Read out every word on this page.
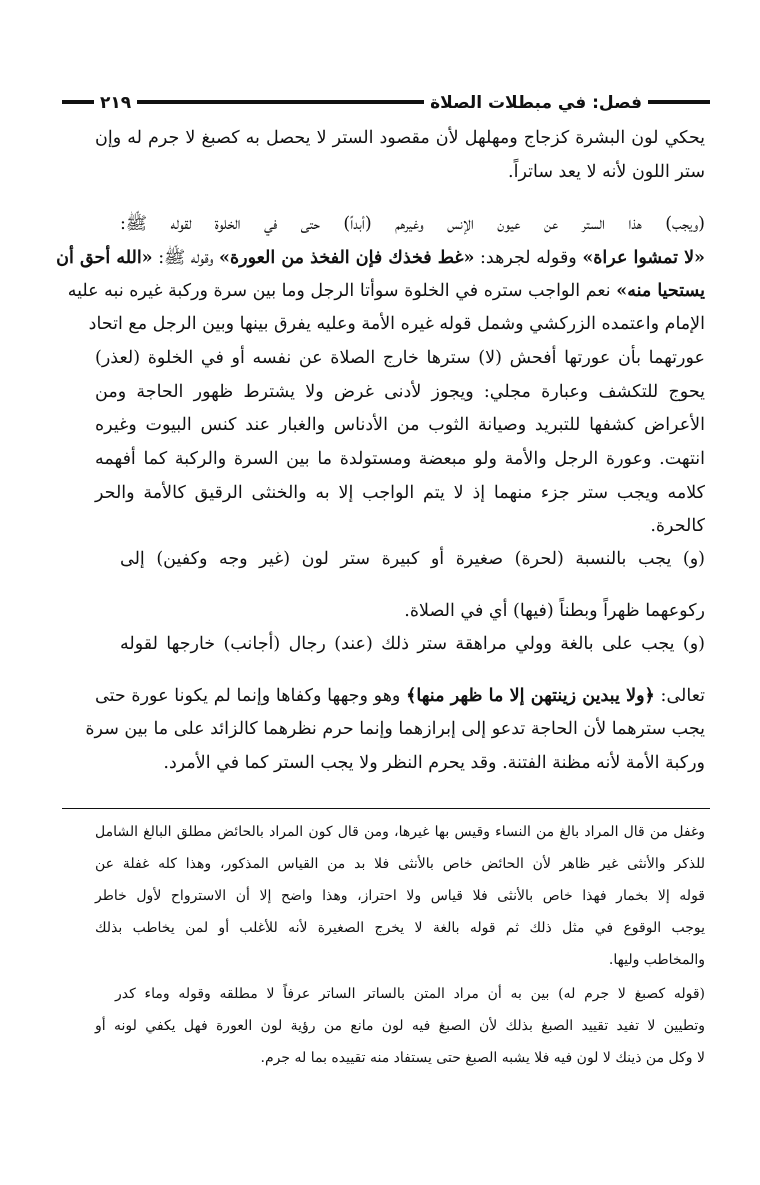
فصل: في مبطلات الصلاة
٢١٩
يحكي لون البشرة كزجاج ومهلهل لأن مقصود الستر لا يحصل به كصبغ لا جرم له وإن
ستر اللون لأنه لا يعد ساتراً.
(ويجب) هذا الستر عن عيون الإنس وغيرهم (أبداً) حتى في الخلوة لقوله ﷺ:
«لا تمشوا عراة» وقوله لجرهد: «غط فخذك فإن الفخذ من العورة» وقوله ﷺ: «الله أحق أن
يستحيا منه» نعم الواجب ستره في الخلوة سوأتا الرجل وما بين سرة وركبة غيره نبه عليه
الإمام واعتمده الزركشي وشمل قوله غيره الأمة وعليه يفرق بينها وبين الرجل مع اتحاد
عورتهما بأن عورتها أفحش (لا) سترها خارج الصلاة عن نفسه أو في الخلوة (لعذر)
يحوج للتكشف وعبارة مجلي: ويجوز لأدنى غرض ولا يشترط ظهور الحاجة ومن
الأعراض كشفها للتبريد وصيانة الثوب من الأدناس والغبار عند كنس البيوت وغيره
انتهت. وعورة الرجل والأمة ولو مبعضة ومستولدة ما بين السرة والركبة كما أفهمه
كلامه ويجب ستر جزء منهما إذ لا يتم الواجب إلا به والخنثى الرقيق كالأمة والحر
كالحرة.
(و) يجب بالنسبة (لحرة) صغيرة أو كبيرة ستر لون (غير وجه وكفين) إلى
ركوعهما ظهراً وبطناً (فيها) أي في الصلاة.
(و) يجب على بالغة وولي مراهقة ستر ذلك (عند) رجال (أجانب) خارجها لقوله
تعالى: ﴿ولا يبدين زينتهن إلا ما ظهر منها﴾ وهو وجهها وكفاها وإنما لم يكونا عورة حتى
يجب سترهما لأن الحاجة تدعو إلى إبرازهما وإنما حرم نظرهما كالزائد على ما بين سرة
وركبة الأمة لأنه مظنة الفتنة. وقد يحرم النظر ولا يجب الستر كما في الأمرد.
وغفل من قال المراد بالغ من النساء وقيس بها غيرها، ومن قال كون المراد بالحائض مطلق البالغ الشامل
للذكر والأنثى غير ظاهر لأن الحائض خاص بالأنثى فلا بد من القياس المذكور، وهذا كله غفلة عن
قوله إلا بخمار فهذا خاص بالأنثى فلا قياس ولا احتراز، وهذا واضح إلا أن الاسترواح لأول خاطر
يوجب الوقوع في مثل ذلك ثم قوله بالغة لا يخرج الصغيرة لأنه للأغلب أو لمن يخاطب بذلك
والمخاطب وليها.
(قوله كصبغ لا جرم له) بين به أن مراد المتن بالساتر الساتر عرفاً لا مطلقه وقوله وماء كدر
وتطيين لا تفيد تقييد الصبغ بذلك لأن الصبغ فيه لون مانع من رؤية لون العورة فهل يكفي لونه أو
لا وكل من ذينك لا لون فيه فلا يشبه الصبغ حتى يستفاد منه تقييده بما له جرم.
